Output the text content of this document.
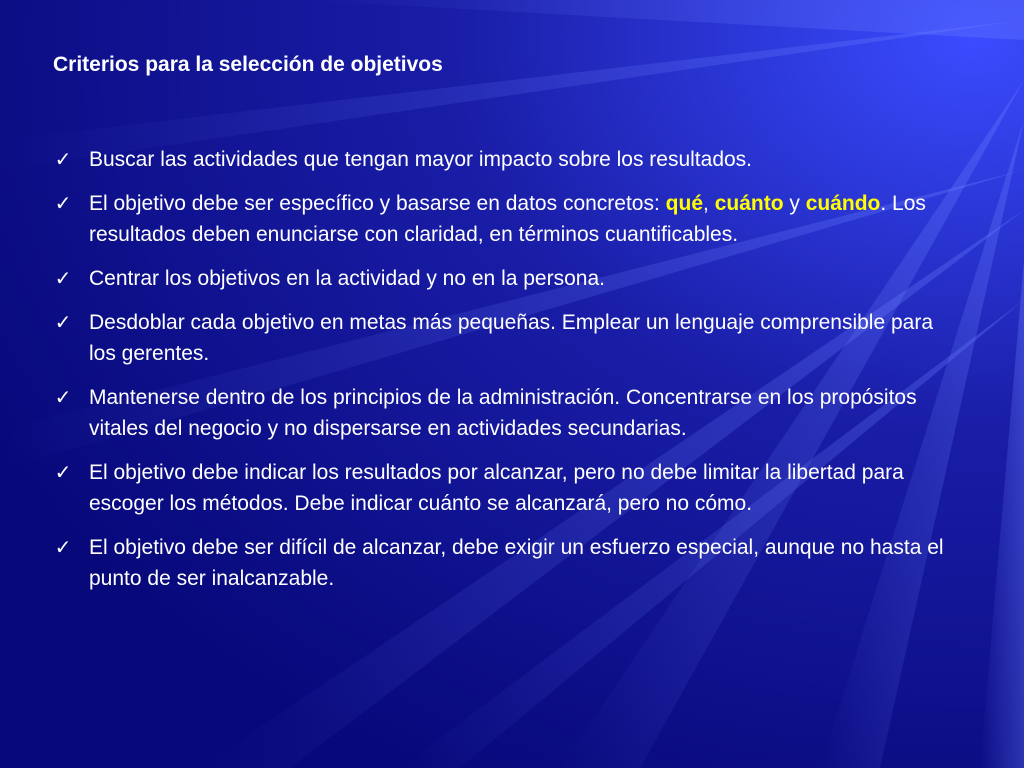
Criterios para la selección de objetivos
✓ Buscar las actividades que tengan mayor impacto sobre los resultados.
✓ El objetivo debe ser específico y basarse en datos concretos: qué, cuánto y cuándo. Los resultados deben enunciarse con claridad, en términos cuantificables.
✓ Centrar los objetivos en la actividad y no en la persona.
✓ Desdoblar cada objetivo en metas más pequeñas. Emplear un lenguaje comprensible para los gerentes.
✓ Mantenerse dentro de los principios de la administración. Concentrarse en los propósitos vitales del negocio y no dispersarse en actividades secundarias.
✓ El objetivo debe indicar los resultados por alcanzar, pero no debe limitar la libertad para escoger los métodos. Debe indicar cuánto se alcanzará, pero no cómo.
✓ El objetivo debe ser difícil de alcanzar, debe exigir un esfuerzo especial, aunque no hasta el punto de ser inalcanzable.
